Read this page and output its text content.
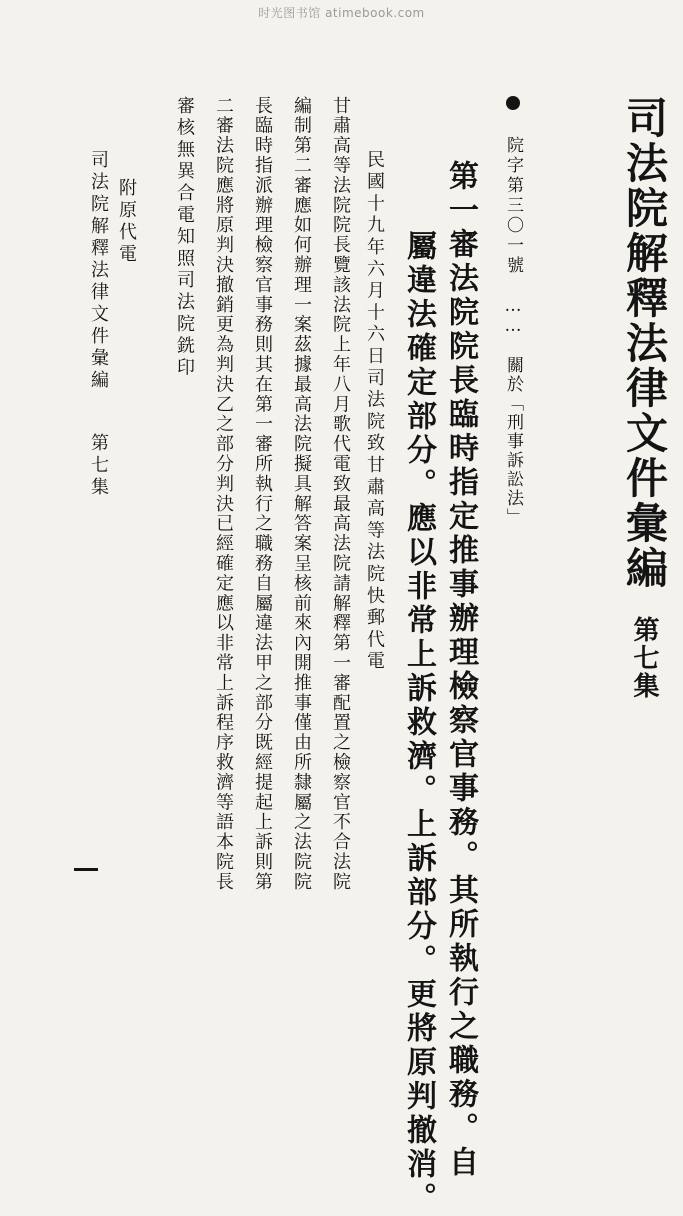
时光图书馆 atimebook.com
司法院解釋法律文件彙編 第七集
院字第三〇一號 …… 關於「刑事訴訟法」
第一審法院院長臨時指定推事辦理檢察官事務。其所執行之職務。自
屬違法確定部分。應以非常上訴救濟。上訴部分。更將原判撤消。
民國十九年六月十六日司法院致甘肅高等法院快郵代電
甘肅高等法院院長覽該法院上年八月歌代電致最高法院請解釋第一審配置之檢察官不合法院
編制第二審應如何辦理一案茲據最高法院擬具解答案呈核前來內開推事僅由所隸屬之法院院
長臨時指派辦理檢察官事務則其在第一審所執行之職務自屬違法甲之部分既經提起上訴則第
二審法院應將原判決撤銷更為判決乙之部分判決已經確定應以非常上訴程序救濟等語本院長
審核無異合電知照司法院銑印
附原代電
司法院解釋法律文件彙編 第七集
